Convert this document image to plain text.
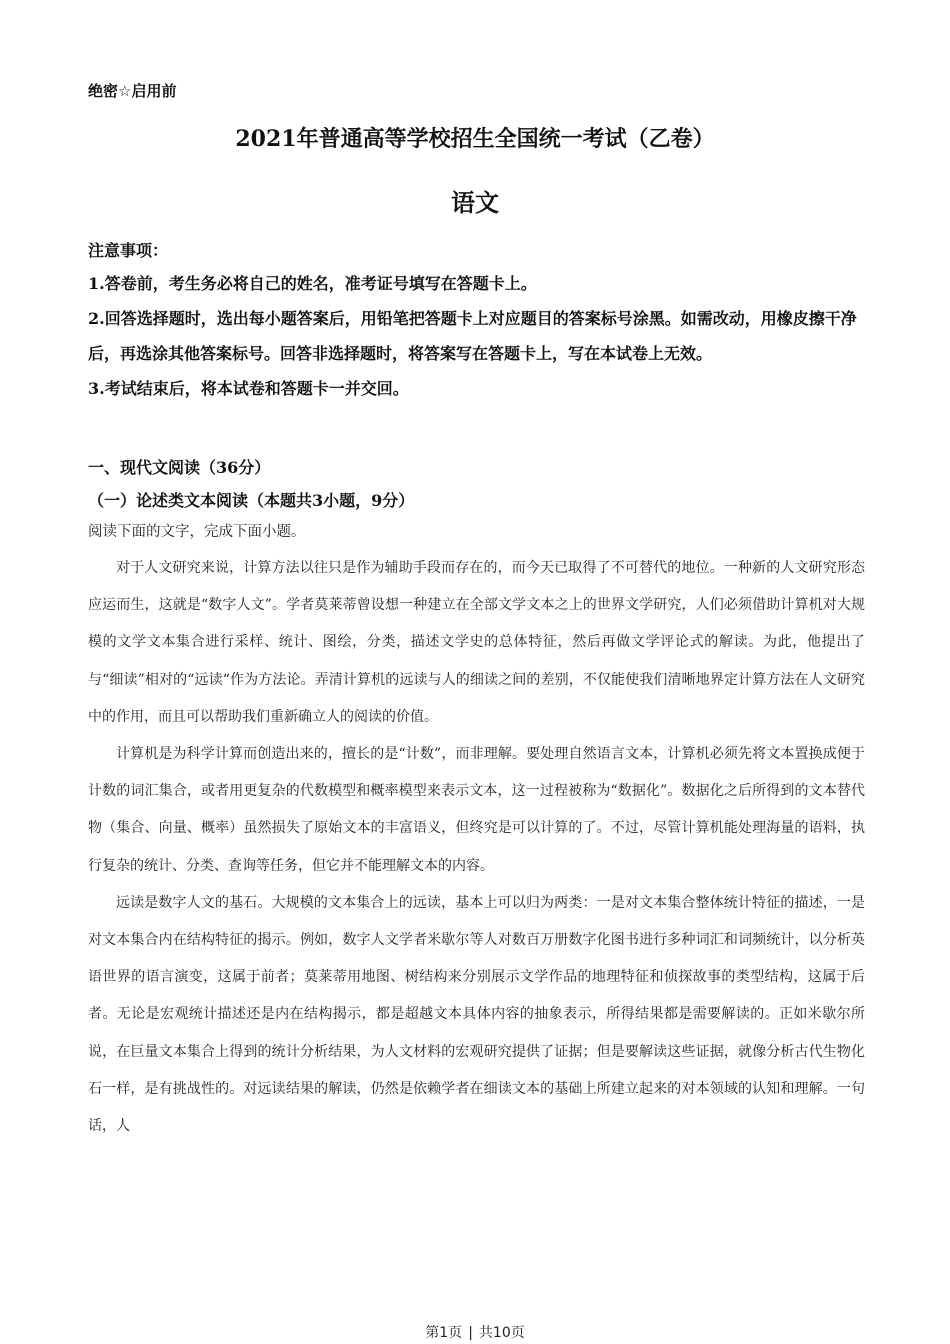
绝密☆启用前
2021年普通高等学校招生全国统一考试（乙卷）
语文
注意事项：
1.答卷前，考生务必将自己的姓名，准考证号填写在答题卡上。
2.回答选择题时，选出每小题答案后，用铅笔把答题卡上对应题目的答案标号涂黑。如需改动，用橡皮擦干净后，再选涂其他答案标号。回答非选择题时，将答案写在答题卡上，写在本试卷上无效。
3.考试结束后，将本试卷和答题卡一并交回。
一、现代文阅读（36分）
（一）论述类文本阅读（本题共3小题，9分）
阅读下面的文字，完成下面小题。

对于人文研究来说，计算方法以往只是作为辅助手段而存在的，而今天已取得了不可替代的地位。一种新的人文研究形态应运而生，这就是“数字人文”。学者莫莱蒂曾设想一种建立在全部文学文本之上的世界文学研究，人们必须借助计算机对大规模的文学文本集合进行采样、统计、图绘，分类，描述文学史的总体特征，然后再做文学评论式的解读。为此，他提出了与“细读”相对的“远读“作为方法论。弄清计算机的远读与人的细读之间的差别，不仅能使我们清晰地界定计算方法在人文研究中的作用，而且可以帮助我们重新确立人的阅读的价值。

计算机是为科学计算而创造出来的，擅长的是“计数”，而非理解。要处理自然语言文本，计算机必须先将文本置换成便于计数的词汇集合，或者用更复杂的代数模型和概率模型来表示文本，这一过程被称为“数据化”。数据化之后所得到的文本替代物（集合、向量、概率）虽然损失了原始文本的丰富语义，但终究是可以计算的了。不过，尽管计算机能处理海量的语料，执行复杂的统计、分类、查询等任务，但它并不能理解文本的内容。

远读是数字人文的基石。大规模的文本集合上的远读，基本上可以归为两类：一是对文本集合整体统计特征的描述，一是对文本集合内在结构特征的揭示。例如，数字人文学者米歇尔等人对数百万册数字化图书进行多种词汇和词频统计，以分析英语世界的语言演变，这属于前者；莫莱蒂用地图、树结构来分别展示文学作品的地理特征和侦探故事的类型结构，这属于后者。无论是宏观统计描述还是内在结构揭示，都是超越文本具体内容的抽象表示，所得结果都是需要解读的。正如米歇尔所说，在巨量文本集合上得到的统计分析结果，为人文材料的宏观研究提供了证据；但是要解读这些证据，就像分析古代生物化石一样，是有挑战性的。对远读结果的解读，仍然是依赖学者在细读文本的基础上所建立起来的对本领域的认知和理解。一句话，人

第1页 | 共10页
